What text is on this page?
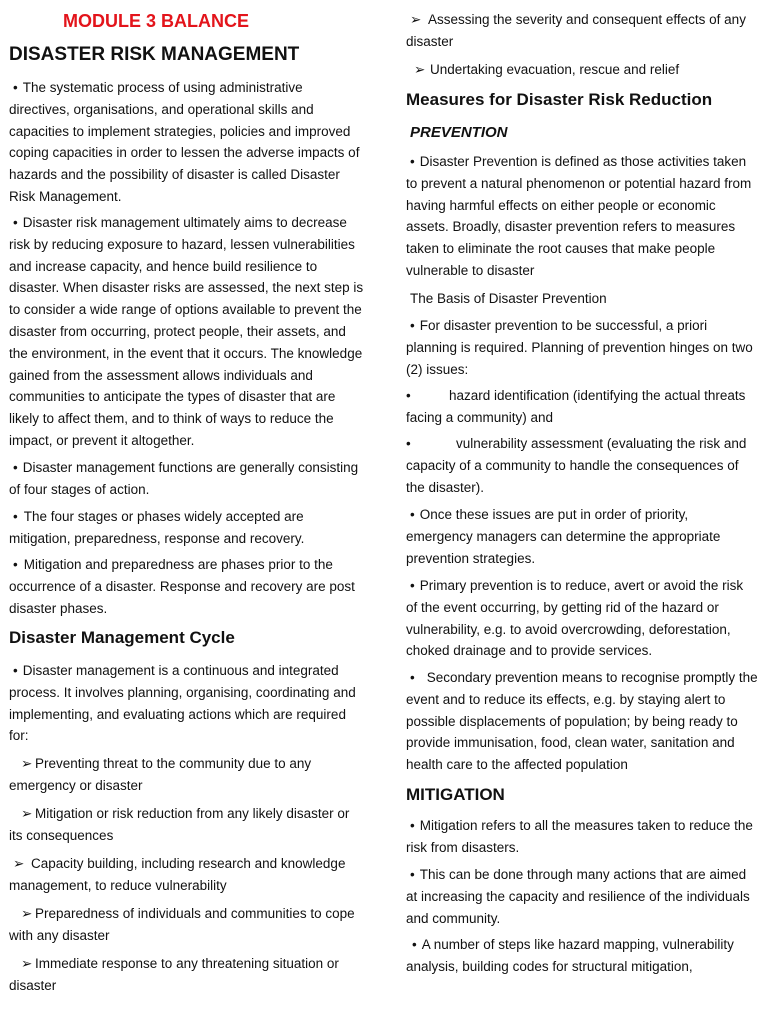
MODULE 3 BALANCE

DISASTER RISK MANAGEMENT

• The systematic process of using administrative directives, organisations, and operational skills and capacities to implement strategies, policies and improved coping capacities in order to lessen the adverse impacts of hazards and the possibility of disaster is called Disaster Risk Management.

• Disaster risk management ultimately aims to decrease risk by reducing exposure to hazard, lessen vulnerabilities and increase capacity, and hence build resilience to disaster. When disaster risks are assessed, the next step is to consider a wide range of options available to prevent the disaster from occurring, protect people, their assets, and the environment, in the event that it occurs. The knowledge gained from the assessment allows individuals and communities to anticipate the types of disaster that are likely to affect them, and to think of ways to reduce the impact, or prevent it altogether.

• Disaster management functions are generally consisting of four stages of action.

• The four stages or phases widely accepted are mitigation, preparedness, response and recovery.

• Mitigation and preparedness are phases prior to the occurrence of a disaster. Response and recovery are post disaster phases.

Disaster Management Cycle

• Disaster management is a continuous and integrated process. It involves planning, organising, coordinating and implementing, and evaluating actions which are required for:

➢ Preventing threat to the community due to any emergency or disaster

➢ Mitigation or risk reduction from any likely disaster or its consequences

➢ Capacity building, including research and knowledge management, to reduce vulnerability

➢ Preparedness of individuals and communities to cope with any disaster

➢ Immediate response to any threatening situation or disaster

➢ Assessing the severity and consequent effects of any disaster

➢ Undertaking evacuation, rescue and relief

Measures for Disaster Risk Reduction

PREVENTION

• Disaster Prevention is defined as those activities taken to prevent a natural phenomenon or potential hazard from having harmful effects on either people or economic assets. Broadly, disaster prevention refers to measures taken to eliminate the root causes that make people vulnerable to disaster

The Basis of Disaster Prevention

• For disaster prevention to be successful, a priori planning is required. Planning of prevention hinges on two (2) issues:

•	hazard identification (identifying the actual threats facing a community) and

•	vulnerability assessment (evaluating the risk and capacity of a community to handle the consequences of the disaster).

• Once these issues are put in order of priority, emergency managers can determine the appropriate prevention strategies.

• Primary prevention is to reduce, avert or avoid the risk of the event occurring, by getting rid of the hazard or vulnerability, e.g. to avoid overcrowding, deforestation, choked drainage and to provide services.

• Secondary prevention means to recognise promptly the event and to reduce its effects, e.g. by staying alert to possible displacements of population; by being ready to provide immunisation, food, clean water, sanitation and health care to the affected population

MITIGATION

• Mitigation refers to all the measures taken to reduce the risk from disasters.

• This can be done through many actions that are aimed at increasing the capacity and resilience of the individuals and community.

• A number of steps like hazard mapping, vulnerability analysis, building codes for structural mitigation,
